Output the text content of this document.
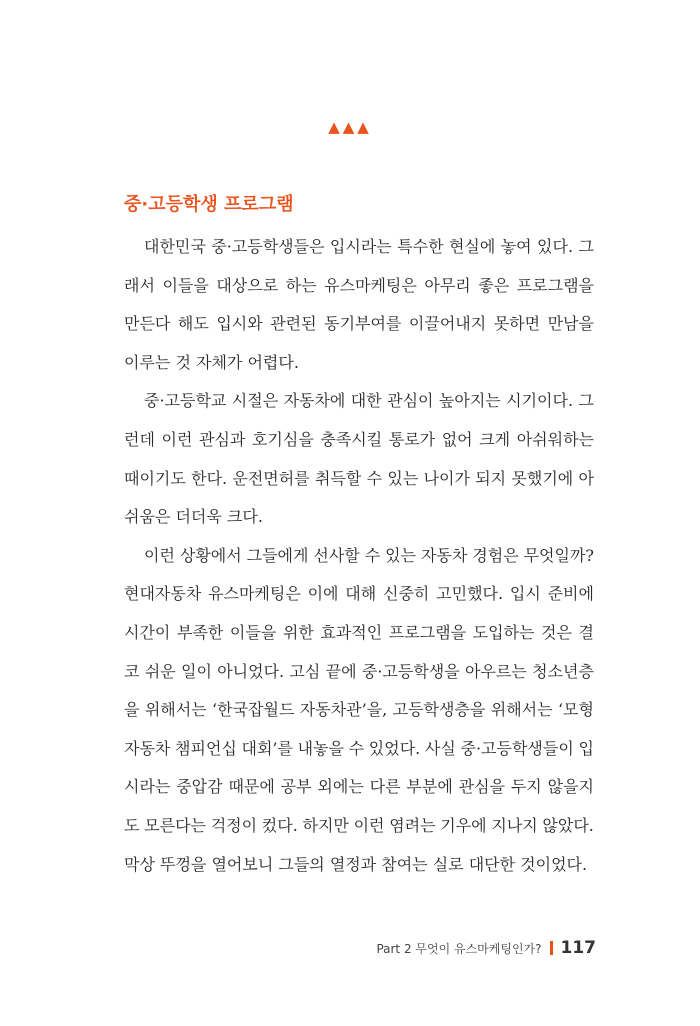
▲▲▲
중·고등학생 프로그램
대한민국 중·고등학생들은 입시라는 특수한 현실에 놓여 있다. 그
래서 이들을 대상으로 하는 유스마케팅은 아무리 좋은 프로그램을
만든다 해도 입시와 관련된 동기부여를 이끌어내지 못하면 만남을
이루는 것 자체가 어렵다.
중·고등학교 시절은 자동차에 대한 관심이 높아지는 시기이다. 그
런데 이런 관심과 호기심을 충족시킬 통로가 없어 크게 아쉬워하는
때이기도 한다. 운전면허를 취득할 수 있는 나이가 되지 못했기에 아
쉬움은 더더욱 크다.
이런 상황에서 그들에게 선사할 수 있는 자동차 경험은 무엇일까?
현대자동차 유스마케팅은 이에 대해 신중히 고민했다. 입시 준비에
시간이 부족한 이들을 위한 효과적인 프로그램을 도입하는 것은 결
코 쉬운 일이 아니었다. 고심 끝에 중·고등학생을 아우르는 청소년층
을 위해서는 ‘한국잡월드 자동차관’을, 고등학생층을 위해서는 ‘모형
자동차 챔피언십 대회’를 내놓을 수 있었다. 사실 중·고등학생들이 입
시라는 중압감 때문에 공부 외에는 다른 부분에 관심을 두지 않을지
도 모른다는 걱정이 컸다. 하지만 이런 염려는 기우에 지나지 않았다.
막상 뚜껑을 열어보니 그들의 열정과 참여는 실로 대단한 것이었다.
Part 2 무엇이 유스마케팅인가? 117
